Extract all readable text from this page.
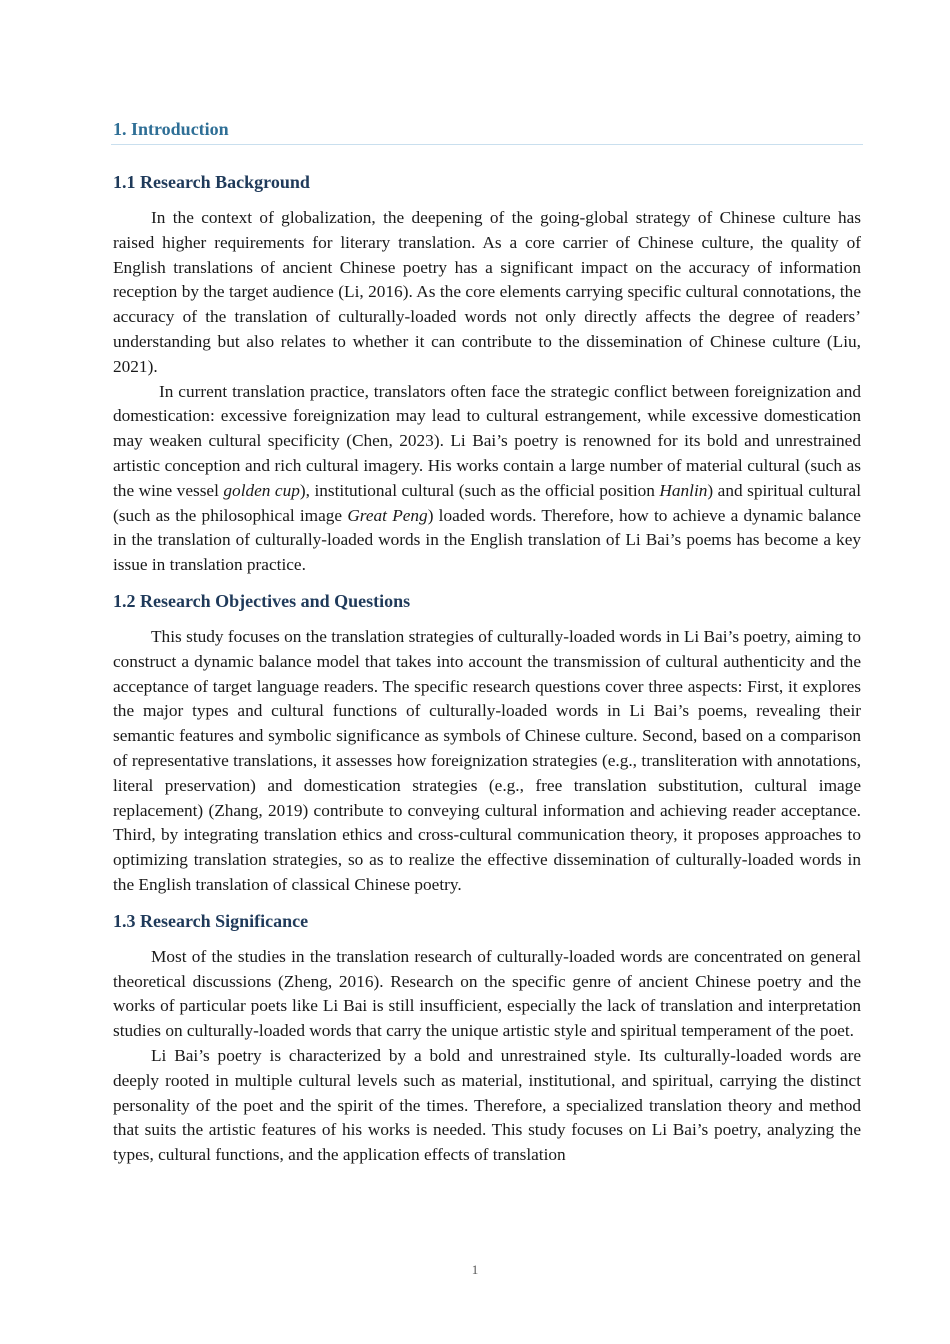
1. Introduction
1.1 Research Background

In the context of globalization, the deepening of the going-global strategy of Chinese culture has raised higher requirements for literary translation. As a core carrier of Chinese culture, the quality of English translations of ancient Chinese poetry has a significant impact on the accuracy of information reception by the target audience (Li, 2016). As the core elements carrying specific cultural connotations, the accuracy of the translation of culturally-loaded words not only directly affects the degree of readers’ understanding but also relates to whether it can contribute to the dissemination of Chinese culture (Liu, 2021).

In current translation practice, translators often face the strategic conflict between foreignization and domestication: excessive foreignization may lead to cultural estrangement, while excessive domestication may weaken cultural specificity (Chen, 2023). Li Bai’s poetry is renowned for its bold and unrestrained artistic conception and rich cultural imagery. His works contain a large number of material cultural (such as the wine vessel golden cup), institutional cultural (such as the official position Hanlin) and spiritual cultural (such as the philosophical image Great Peng) loaded words. Therefore, how to achieve a dynamic balance in the translation of culturally-loaded words in the English translation of Li Bai’s poems has become a key issue in translation practice.

1.2 Research Objectives and Questions

This study focuses on the translation strategies of culturally-loaded words in Li Bai’s poetry, aiming to construct a dynamic balance model that takes into account the transmission of cultural authenticity and the acceptance of target language readers. The specific research questions cover three aspects: First, it explores the major types and cultural functions of culturally-loaded words in Li Bai’s poems, revealing their semantic features and symbolic significance as symbols of Chinese culture. Second, based on a comparison of representative translations, it assesses how foreignization strategies (e.g., transliteration with annotations, literal preservation) and domestication strategies (e.g., free translation substitution, cultural image replacement) (Zhang, 2019) contribute to conveying cultural information and achieving reader acceptance. Third, by integrating translation ethics and cross-cultural communication theory, it proposes approaches to optimizing translation strategies, so as to realize the effective dissemination of culturally-loaded words in the English translation of classical Chinese poetry.

1.3 Research Significance

Most of the studies in the translation research of culturally-loaded words are concentrated on general theoretical discussions (Zheng, 2016). Research on the specific genre of ancient Chinese poetry and the works of particular poets like Li Bai is still insufficient, especially the lack of translation and interpretation studies on culturally-loaded words that carry the unique artistic style and spiritual temperament of the poet.

Li Bai’s poetry is characterized by a bold and unrestrained style. Its culturally-loaded words are deeply rooted in multiple cultural levels such as material, institutional, and spiritual, carrying the distinct personality of the poet and the spirit of the times. Therefore, a specialized translation theory and method that suits the artistic features of his works is needed. This study focuses on Li Bai’s poetry, analyzing the types, cultural functions, and the application effects of translation

1
